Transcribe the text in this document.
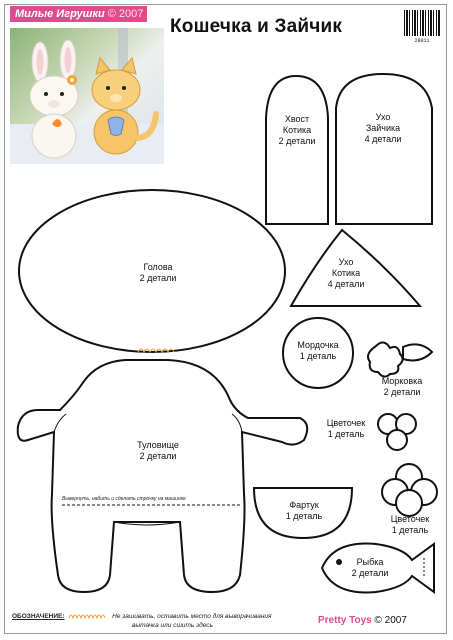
Милые Игрушки © 2007
Кошечка и Зайчик
28011
Хвост
Котика
2 детали
Ухо
Зайчика
4 детали
Голова
2 детали
Ухо
Котика
4 детали
Мордочка
1 деталь
Морковка
2 детали
Туловище
2 детали
Цветочек
1 деталь
Фартук
1 деталь	Цветочек
1 деталь
Рыбка
2 детали
Вывернуть, набить и сделать строчку на машинке
ОБОЗНАЧЕНИЕ:	Не зашивать, оставить место для выворачивания
вытачка или сшить здесь	Pretty Toys © 2007
